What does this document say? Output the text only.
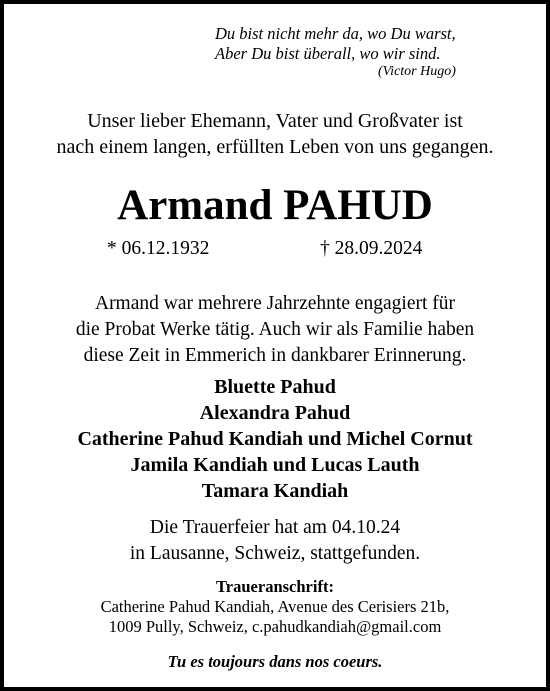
Du bist nicht mehr da, wo Du warst,
Aber Du bist überall, wo wir sind.
(Victor Hugo)
Unser lieber Ehemann, Vater und Großvater ist
nach einem langen, erfüllten Leben von uns gegangen.
Armand PAHUD
* 06.12.1932	† 28.09.2024
Armand war mehrere Jahrzehnte engagiert für
die Probat Werke tätig. Auch wir als Familie haben
diese Zeit in Emmerich in dankbarer Erinnerung.
Bluette Pahud
Alexandra Pahud
Catherine Pahud Kandiah und Michel Cornut
Jamila Kandiah und Lucas Lauth
Tamara Kandiah
Die Trauerfeier hat am 04.10.24
in Lausanne, Schweiz, stattgefunden.
Traueranschrift:
Catherine Pahud Kandiah, Avenue des Cerisiers 21b,
1009 Pully, Schweiz, c.pahudkandiah@gmail.com
Tu es toujours dans nos coeurs.
